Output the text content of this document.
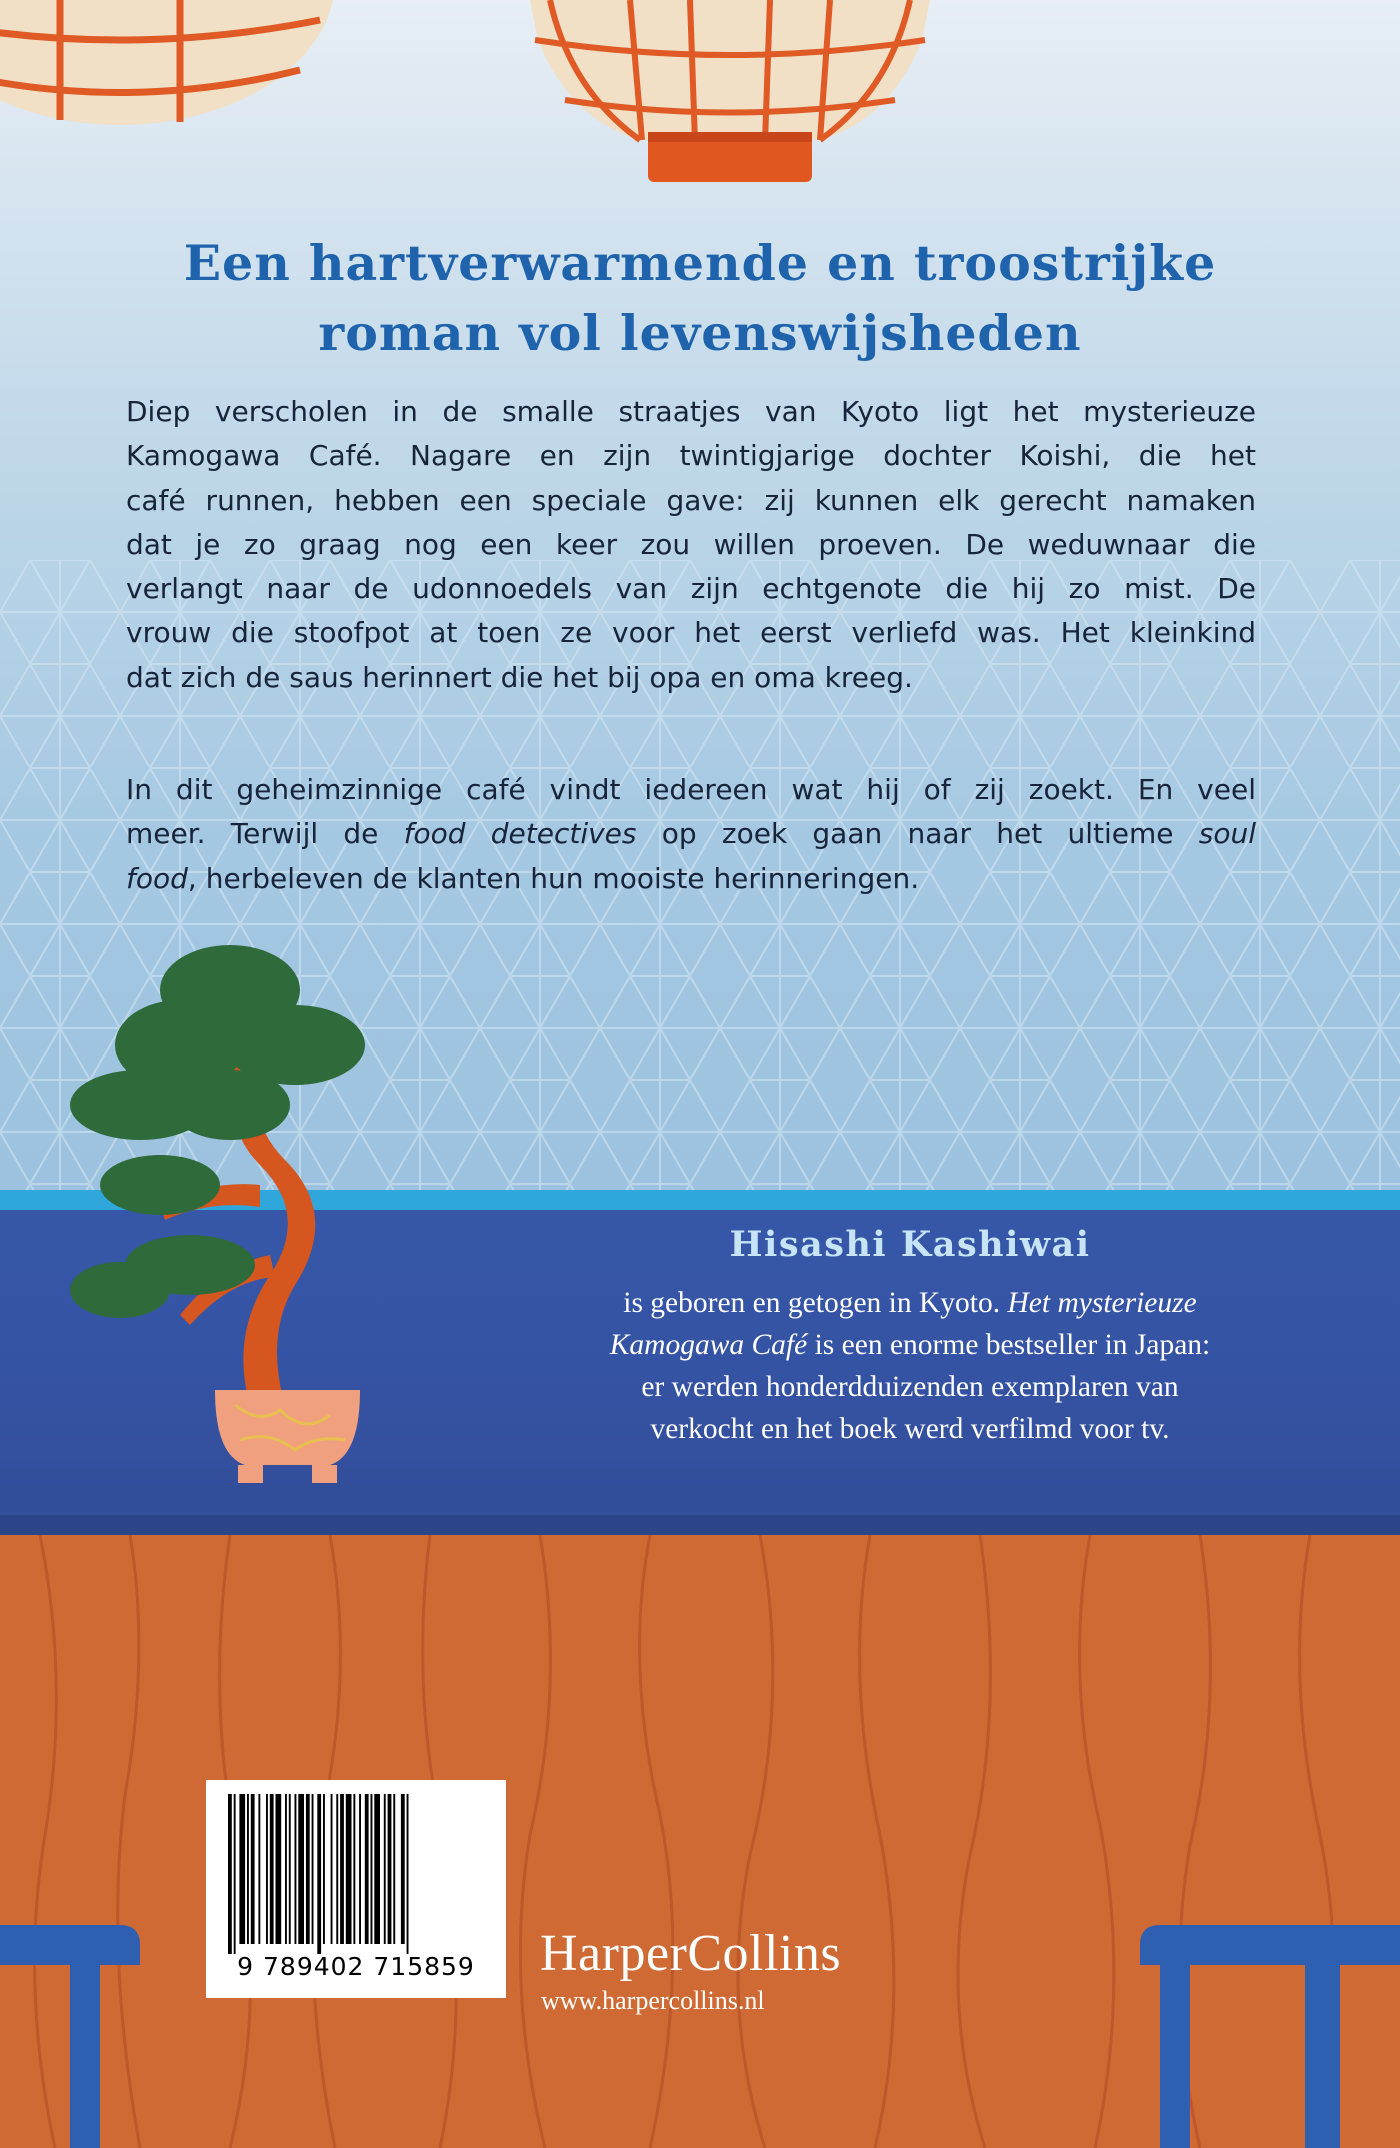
Een hartverwarmende en troostrijke
roman vol levenswijsheden
Diep verscholen in de smalle straatjes van Kyoto ligt het mysterieuze
Kamogawa Café. Nagare en zijn twintigjarige dochter Koishi, die het
café runnen, hebben een speciale gave: zij kunnen elk gerecht namaken
dat je zo graag nog een keer zou willen proeven. De weduwnaar die
verlangt naar de udonnoedels van zijn echtgenote die hij zo mist. De
vrouw die stoofpot at toen ze voor het eerst verliefd was. Het kleinkind
dat zich de saus herinnert die het bij opa en oma kreeg.
In dit geheimzinnige café vindt iedereen wat hij of zij zoekt. En veel
meer. Terwijl de food detectives op zoek gaan naar het ultieme soul
food, herbeleven de klanten hun mooiste herinneringen.
Hisashi Kashiwai

is geboren en getogen in Kyoto. Het mysterieuze
Kamogawa Café is een enorme bestseller in Japan:
er werden honderdduizenden exemplaren van
verkocht en het boek werd verfilmd voor tv.

9 789402 715859	HarperCollins

www.harpercollins.nl
